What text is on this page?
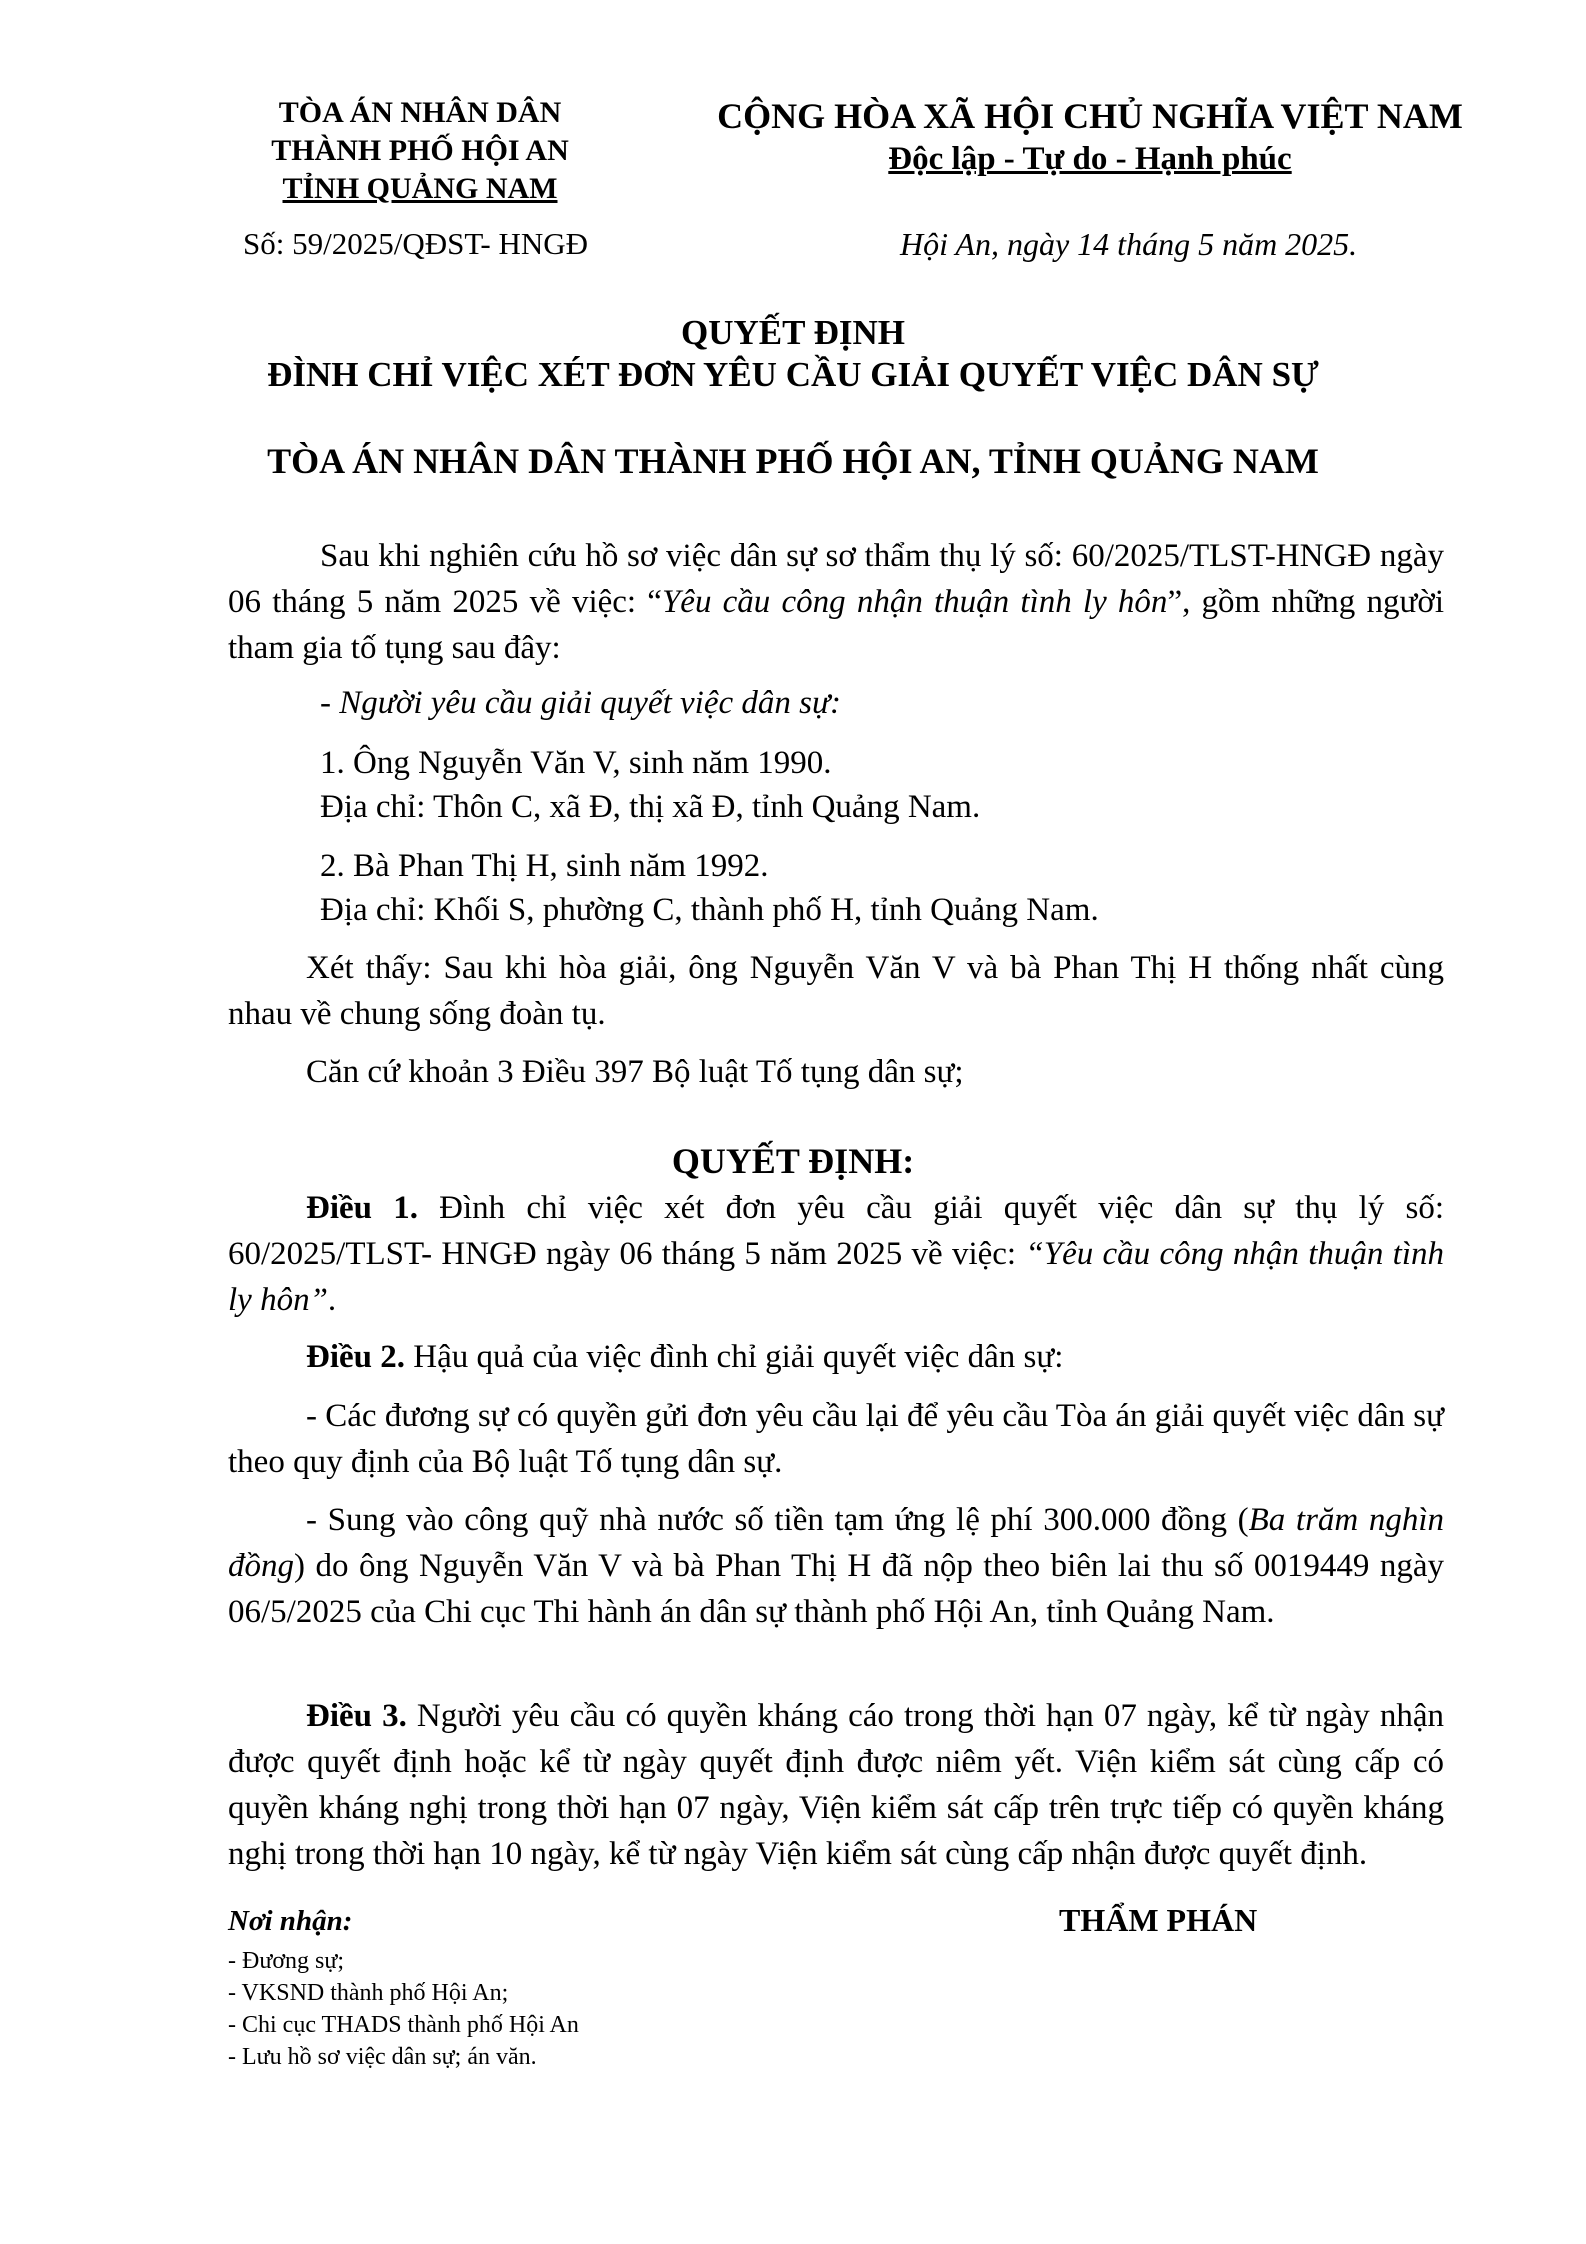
TÒA ÁN NHÂN DÂN
THÀNH PHỐ HỘI AN
TỈNH QUẢNG NAM
CỘNG HÒA XÃ HỘI CHỦ NGHĨA VIỆT NAM
Độc lập - Tự do - Hạnh phúc
Số: 59/2025/QĐST- HNGĐ	Hội An, ngày 14 tháng 5 năm 2025.
QUYẾT ĐỊNH
ĐÌNH CHỈ VIỆC XÉT ĐƠN YÊU CẦU GIẢI QUYẾT VIỆC DÂN SỰ
TÒA ÁN NHÂN DÂN THÀNH PHỐ HỘI AN, TỈNH QUẢNG NAM
Sau khi nghiên cứu hồ sơ việc dân sự sơ thẩm thụ lý số: 60/2025/TLST-HNGĐ ngày 06 tháng 5 năm 2025 về việc: “Yêu cầu công nhận thuận tình ly hôn”, gồm những người tham gia tố tụng sau đây:
- Người yêu cầu giải quyết việc dân sự:
1. Ông Nguyễn Văn V, sinh năm 1990.
Địa chỉ: Thôn C, xã Đ, thị xã Đ, tỉnh Quảng Nam.
2. Bà Phan Thị H, sinh năm 1992.
Địa chỉ: Khối S, phường C, thành phố H, tỉnh Quảng Nam.
Xét thấy: Sau khi hòa giải, ông Nguyễn Văn V và bà Phan Thị H thống nhất cùng nhau về chung sống đoàn tụ.
Căn cứ khoản 3 Điều 397 Bộ luật Tố tụng dân sự;
QUYẾT ĐỊNH:
Điều 1. Đình chỉ việc xét đơn yêu cầu giải quyết việc dân sự thụ lý số: 60/2025/TLST- HNGĐ ngày 06 tháng 5 năm 2025 về việc: “Yêu cầu công nhận thuận tình ly hôn”.
Điều 2. Hậu quả của việc đình chỉ giải quyết việc dân sự:
- Các đương sự có quyền gửi đơn yêu cầu lại để yêu cầu Tòa án giải quyết việc dân sự theo quy định của Bộ luật Tố tụng dân sự.
- Sung vào công quỹ nhà nước số tiền tạm ứng lệ phí 300.000 đồng (Ba trăm nghìn đồng) do ông Nguyễn Văn V và bà Phan Thị H đã nộp theo biên lai thu số 0019449 ngày 06/5/2025 của Chi cục Thi hành án dân sự thành phố Hội An, tỉnh Quảng Nam.
Điều 3. Người yêu cầu có quyền kháng cáo trong thời hạn 07 ngày, kể từ ngày nhận được quyết định hoặc kể từ ngày quyết định được niêm yết. Viện kiểm sát cùng cấp có quyền kháng nghị trong thời hạn 07 ngày, Viện kiểm sát cấp trên trực tiếp có quyền kháng nghị trong thời hạn 10 ngày, kể từ ngày Viện kiểm sát cùng cấp nhận được quyết định.
Nơi nhận:
- Đương sự;
- VKSND thành phố Hội An;
- Chi cục THADS thành phố Hội An
- Lưu hồ sơ việc dân sự; án văn.
THẨM PHÁN
